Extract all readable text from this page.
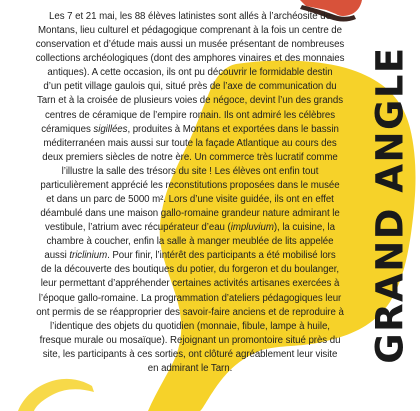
Les 7 et 21 mai, les 88 élèves latinistes sont allés à l’archéosite de

Montans, lieu culturel et pédagogique comprenant à la fois un centre de

conservation et d’étude mais aussi un musée présentant de nombreuses

collections archéologiques (dont des amphores vinaires et des monnaies

antiques). A cette occasion, ils ont pu découvrir le formidable destin

d’un petit village gaulois qui, situé près de l’axe de communication du

Tarn et à la croisée de plusieurs voies de négoce, devint l’un des grands

centres de céramique de l’empire romain. Ils ont admiré les célèbres

céramiques sigillées, produites à Montans et exportées dans le bassin

méditerranéen mais aussi sur toute la façade Atlantique au cours des

deux premiers siècles de notre ère. Un commerce très lucratif comme

l’illustre la salle des trésors du site ! Les élèves ont enfin tout

particulièrement apprécié les reconstitutions proposées dans le musée

et dans un parc de 5000 m². Lors d’une visite guidée, ils ont en effet

déambulé dans une maison gallo-romaine grandeur nature admirant le

vestibule, l’atrium avec récupérateur d’eau (impluvium), la cuisine, la

chambre à coucher, enfin la salle à manger meublée de lits appelée

aussi triclinium. Pour finir, l’intérêt des participants a été mobilisé lors

de la découverte des boutiques du potier, du forgeron et du boulanger,

leur permettant d’appréhender certaines activités artisanes exercées à

l’époque gallo-romaine. La programmation d’ateliers pédagogiques leur

ont permis de se réapproprier des savoir-faire anciens et de reproduire à

l’identique des objets du quotidien (monnaie, fibule, lampe à huile,

fresque murale ou mosaïque). Rejoignant un promontoire situé près du

site, les participants à ces sorties, ont clôturé agréablement leur visite

en admirant le Tarn.

GRAND ANGLE
